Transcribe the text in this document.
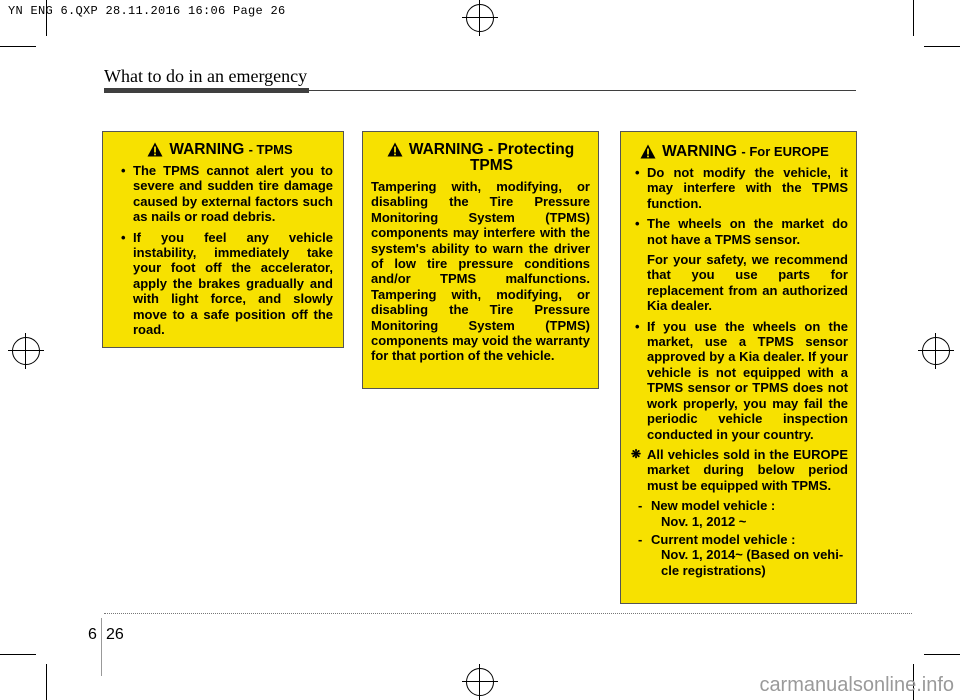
YN ENG 6.QXP 28.11.2016 16:06 Page 26
What to do in an emergency
WARNING
- TPMS
• The TPMS cannot alert you to severe and sudden tire damage caused by external factors such as nails or road debris.
• If you feel any vehicle instability, immediately take your foot off the accelerator, apply the brakes gradually and with light force, and slowly move to a safe position off the road.
WARNING - Protecting
TPMS
Tampering with, modifying, or disabling the Tire Pressure Monitoring System (TPMS) components may interfere with the system's ability to warn the driver of low tire pressure conditions and/or TPMS malfunctions. Tampering with, modifying, or disabling the Tire Pressure Monitoring System (TPMS) components may void the warranty for that portion of the vehicle.
WARNING
- For EUROPE
• Do not modify the vehicle, it may interfere with the TPMS function.
• The wheels on the market do not have a TPMS sensor.
For your safety, we recommend that you use parts for replacement from an authorized Kia dealer.
• If you use the wheels on the market, use a TPMS sensor approved by a Kia dealer. If your vehicle is not equipped with a TPMS sensor or TPMS does not work properly, you may fail the periodic vehicle inspection conducted in your country.
❋ All vehicles sold in the EUROPE market during below period must be equipped with TPMS.
- New model vehicle :
Nov. 1, 2012 ~
- Current model vehicle :
Nov. 1, 2014~ (Based on vehi-
cle registrations)
6 26
carmanualsonline.info
